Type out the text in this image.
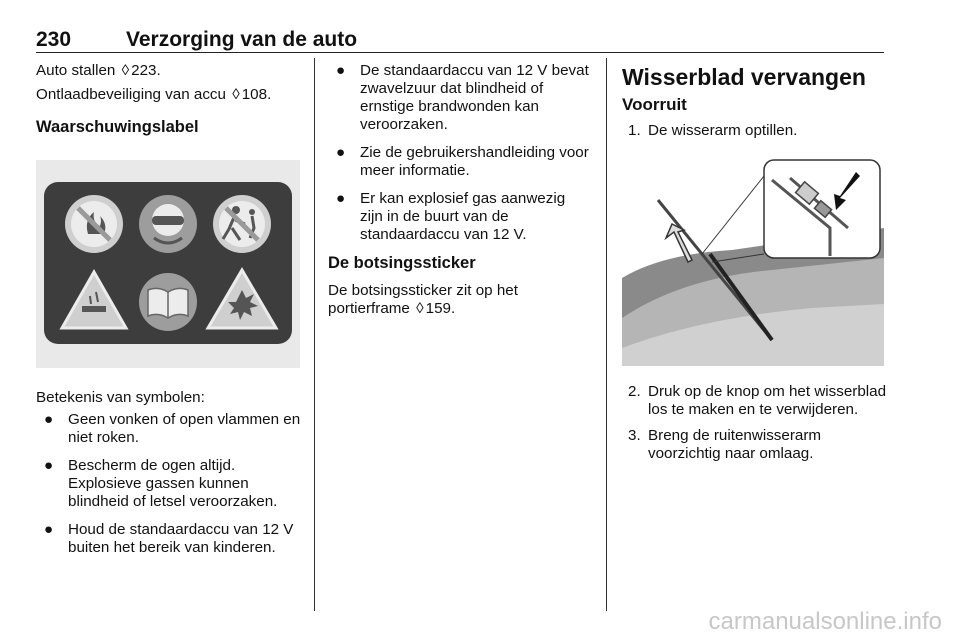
230	Verzorging van de auto

Auto stallen ◊ 223.

Ontlaadbeveiliging van accu ◊ 108.

Waarschuwingslabel

Betekenis van symbolen:

● Geen vonken of open vlammen en niet roken.
● Bescherm de ogen altijd. Explosieve gassen kunnen blindheid of letsel veroorzaken.
● Houd de standaardaccu van 12 V buiten het bereik van kinderen.
● De standaardaccu van 12 V bevat zwavelzuur dat blindheid of ernstige brandwonden kan veroorzaken.
● Zie de gebruikershandleiding voor meer informatie.
● Er kan explosief gas aanwezig zijn in de buurt van de standaardaccu van 12 V.
De botsingssticker

De botsingssticker zit op het portierframe ◊ 159.

Wisserblad vervangen
Voorruit
1. De wisserarm optillen.
2. Druk op de knop om het wisserblad los te maken en te verwijderen.
3. Breng de ruitenwisserarm voorzichtig naar omlaag.
carmanualsonline.info
